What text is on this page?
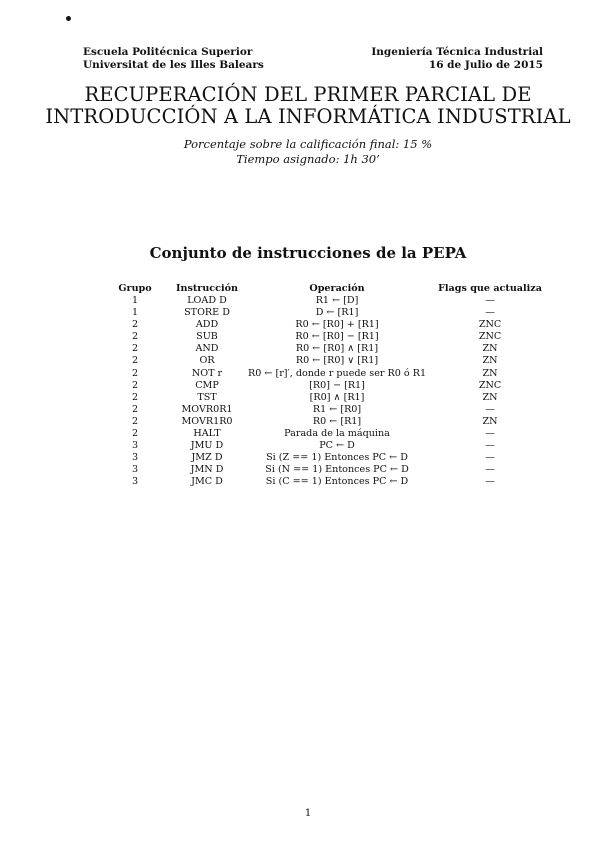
Escuela Politécnica Superior
Universitat de les Illes Balears
Ingeniería Técnica Industrial
16 de Julio de 2015
RECUPERACIÓN DEL PRIMER PARCIAL DE
INTRODUCCIÓN A LA INFORMÁTICA INDUSTRIAL
Porcentaje sobre la calificación final: 15 %
Tiempo asignado: 1h 30’
Conjunto de instrucciones de la PEPA
Grupo	Instrucción	Operación	Flags que actualiza
1	LOAD D	R1 ← [D]	—
1	STORE D	D ← [R1]	—
2	ADD	R0 ← [R0] + [R1]	ZNC
2	SUB	R0 ← [R0] − [R1]	ZNC
2	AND	R0 ← [R0] ∧ [R1]	ZN
2	OR	R0 ← [R0] ∨ [R1]	ZN
2	NOT r	R0 ← [r]′, donde r puede ser R0 ó R1	ZN
2	CMP	[R0] − [R1]	ZNC
2	TST	[R0] ∧ [R1]	ZN
2	MOVR0R1	R1 ← [R0]	—
2	MOVR1R0	R0 ← [R1]	ZN
2	HALT	Parada de la máquina	—
3	JMU D	PC ← D	—
3	JMZ D	Si (Z == 1) Entonces PC ← D	—
3	JMN D	Si (N == 1) Entonces PC ← D	—
3	JMC D	Si (C == 1) Entonces PC ← D	—
1
